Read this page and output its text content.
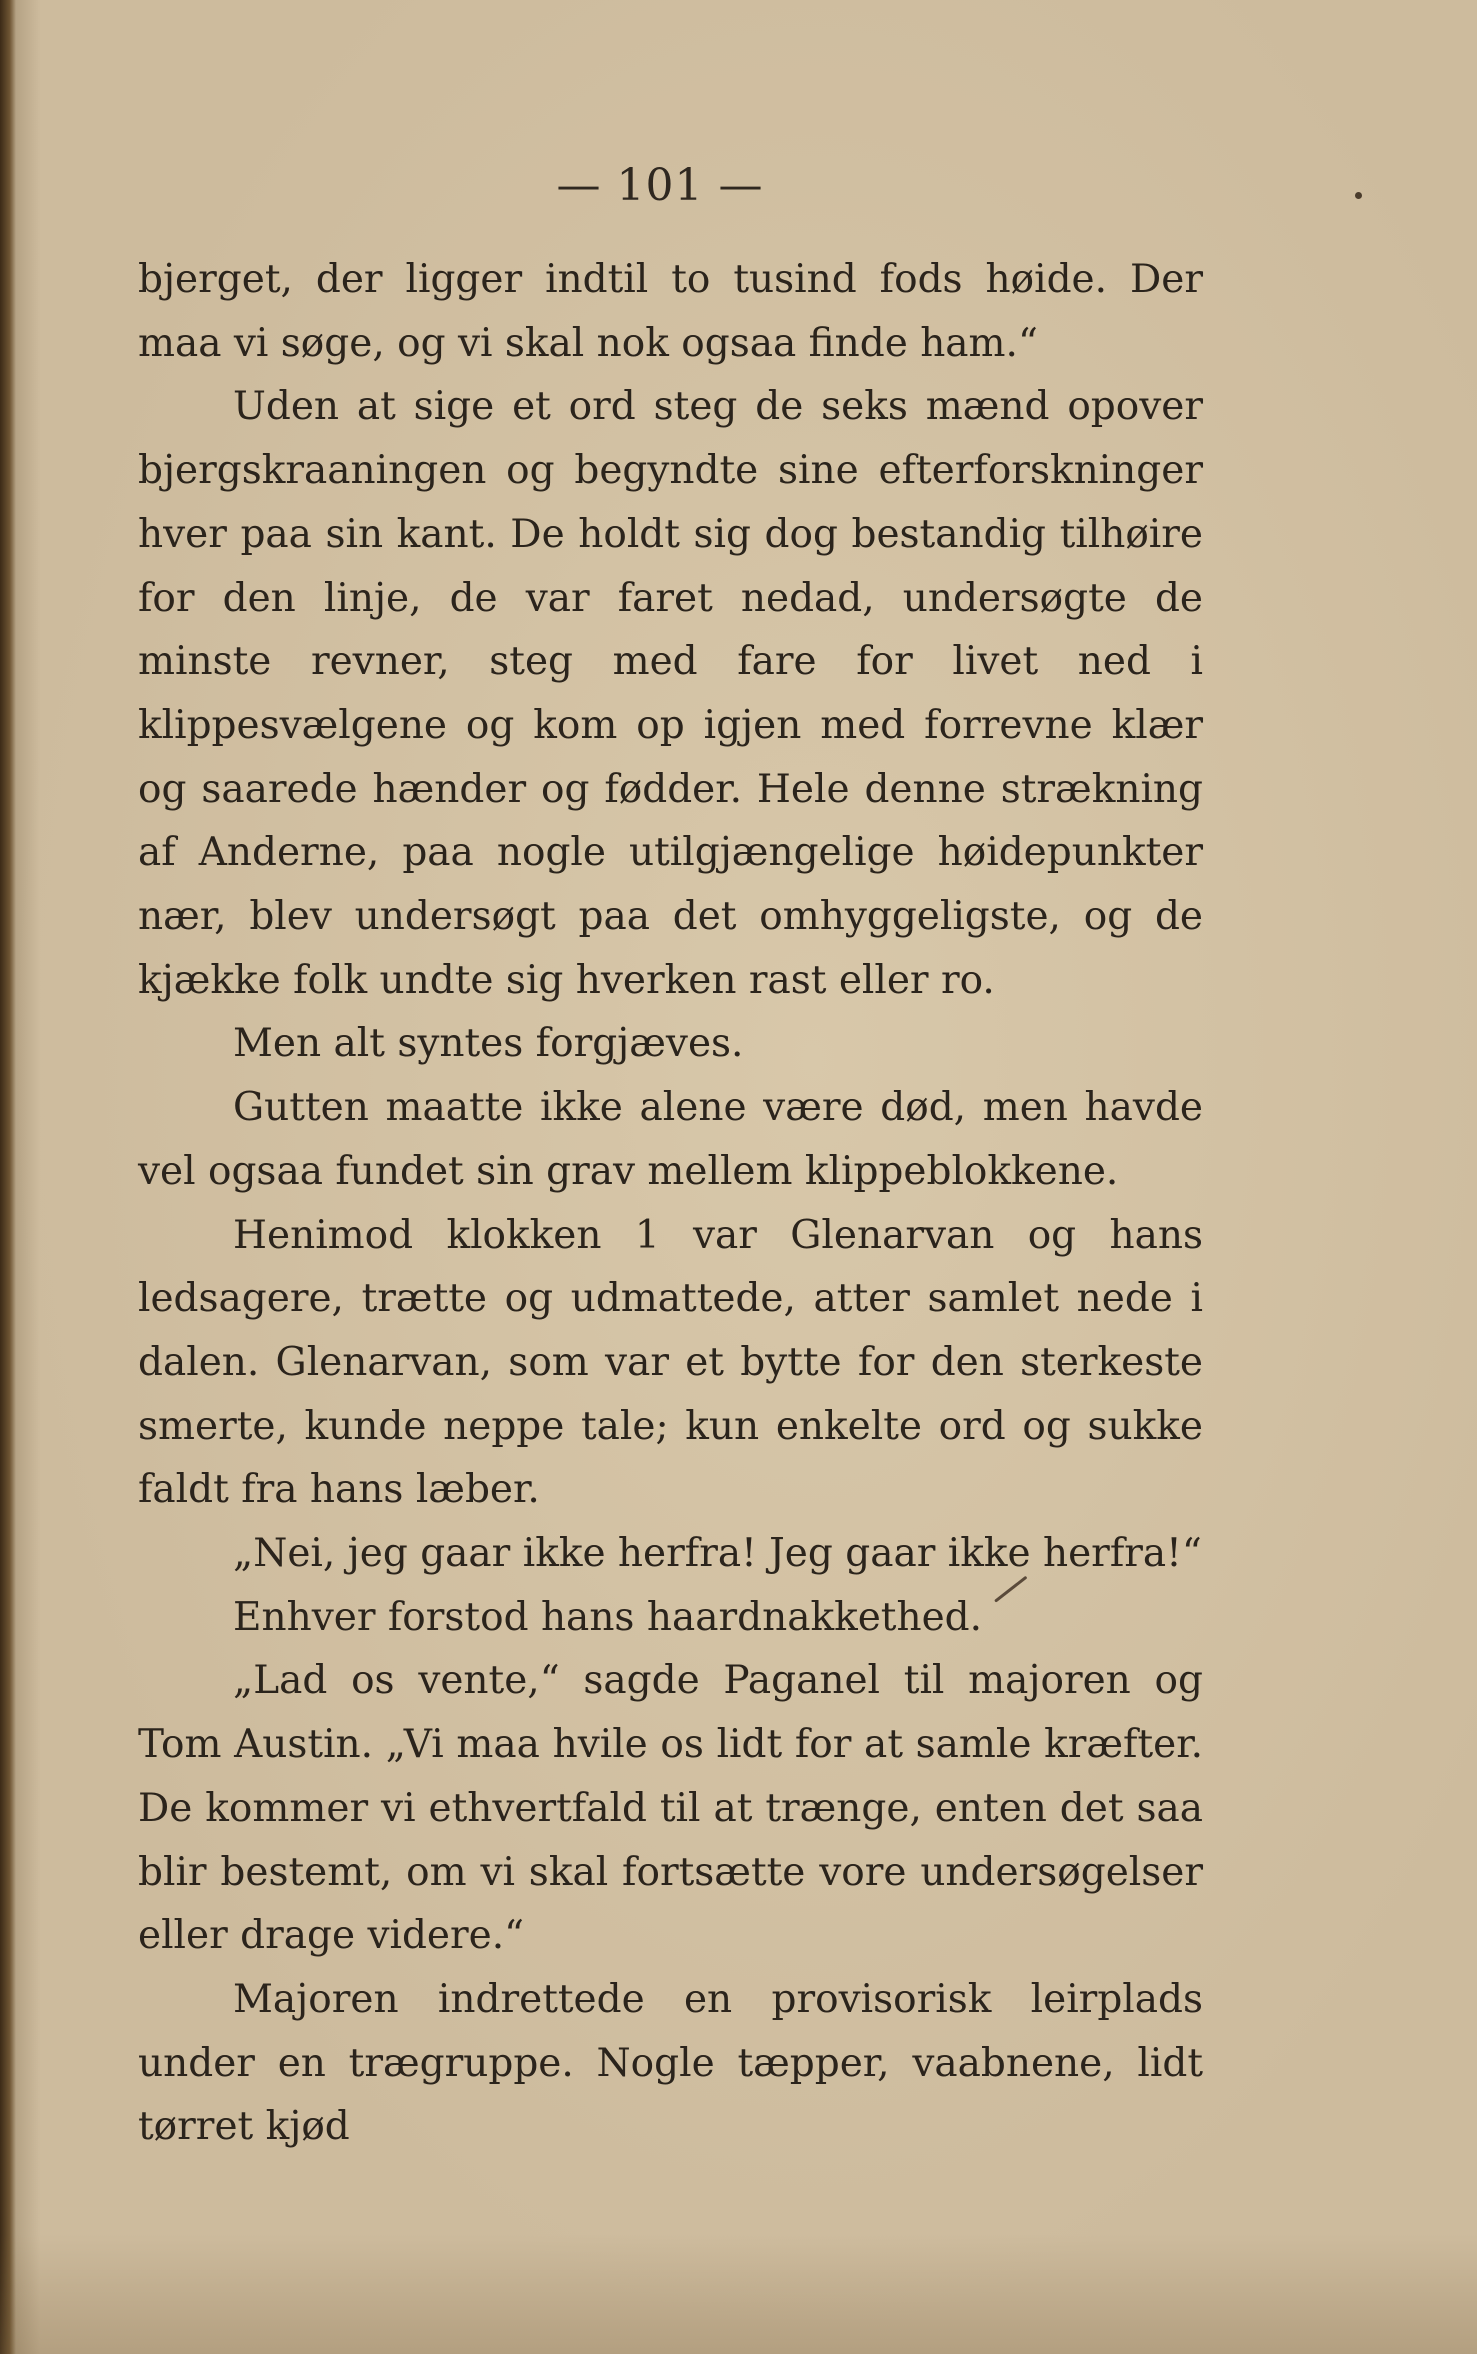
— 101 —

bjerget, der ligger indtil to tusind fods høide. Der maa vi søge, og vi skal nok ogsaa finde ham.“

Uden at sige et ord steg de seks mænd opover bjergskraaningen og begyndte sine efterforskninger hver paa sin kant. De holdt sig dog bestandig tilhøire for den linje, de var faret nedad, undersøgte de minste revner, steg med fare for livet ned i klippesvælgene og kom op igjen med forrevne klær og saarede hænder og fødder. Hele denne strækning af Anderne, paa nogle utilgjængelige høidepunkter nær, blev undersøgt paa det omhyggeligste, og de kjække folk undte sig hverken rast eller ro.

Men alt syntes forgjæves.

Gutten maatte ikke alene være død, men havde vel ogsaa fundet sin grav mellem klippeblokkene.

Henimod klokken 1 var Glenarvan og hans ledsagere, trætte og udmattede, atter samlet nede i dalen. Glenarvan, som var et bytte for den sterkeste smerte, kunde neppe tale; kun enkelte ord og sukke faldt fra hans læber.

„Nei, jeg gaar ikke herfra! Jeg gaar ikke herfra!“

Enhver forstod hans haardnakkethed.

„Lad os vente,“ sagde Paganel til majoren og Tom Austin. „Vi maa hvile os lidt for at samle kræfter. De kommer vi ethvertfald til at trænge, enten det saa blir bestemt, om vi skal fortsætte vore undersøgelser eller drage videre.“

Majoren indrettede en provisorisk leirplads under en trægruppe. Nogle tæpper, vaabnene, lidt tørret kjød
